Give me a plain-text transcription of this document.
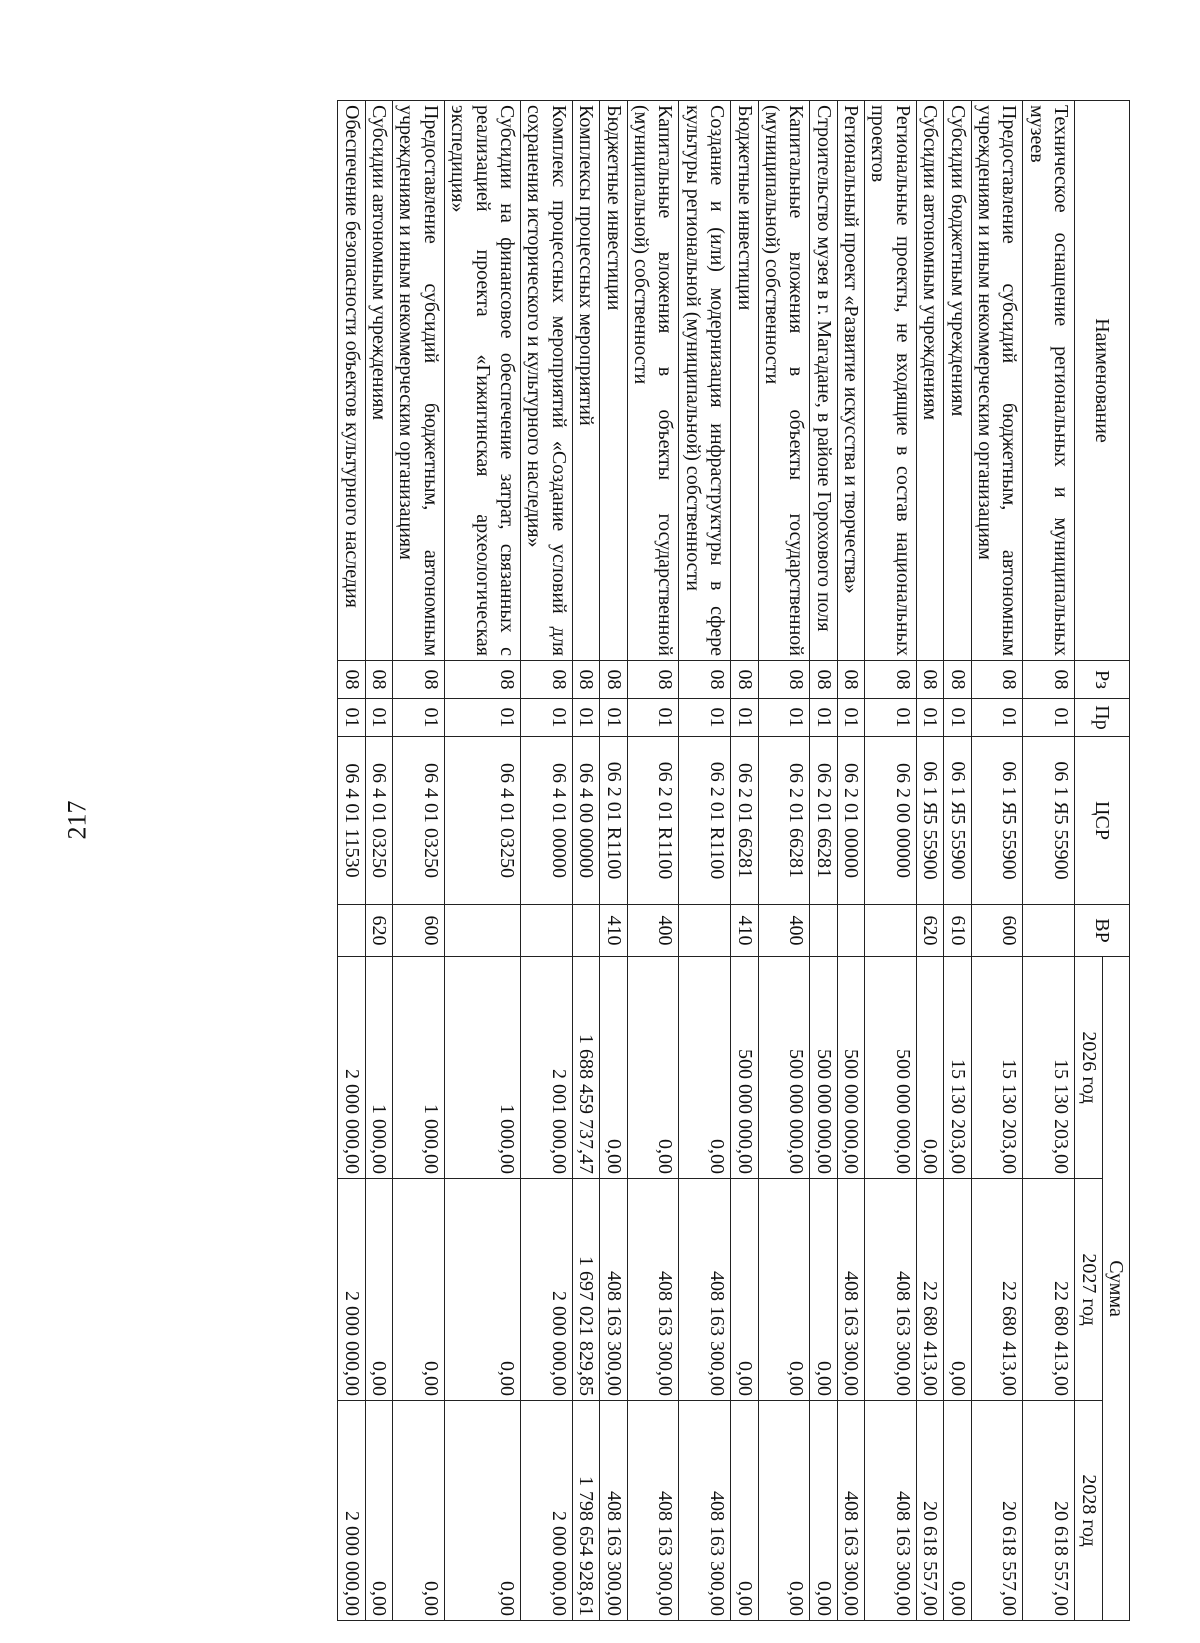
217
Наименование	Рз	Пр	ЦСР	ВР	Сумма		
					2026 год	2027 год	2028 год
Техническое оснащение региональных и муниципальных музеев	08	01	06 1 Я5 55900		15 130 203,00	22 680 413,00	20 618 557,00
Предоставление субсидий бюджетным, автономным учреждениям и иным некоммерческим организациям	08	01	06 1 Я5 55900	600	15 130 203,00	22 680 413,00	20 618 557,00
Субсидии бюджетным учреждениям	08	01	06 1 Я5 55900	610	15 130 203,00	0,00	0,00
Субсидии автономным учреждениям	08	01	06 1 Я5 55900	620	0,00	22 680 413,00	20 618 557,00
Региональные проекты, не входящие в состав национальных проектов	08	01	06 2 00 00000		500 000 000,00	408 163 300,00	408 163 300,00
Региональный проект «Развитие искусства и творчества»	08	01	06 2 01 00000		500 000 000,00	408 163 300,00	408 163 300,00
Строительство музея в г. Магадане, в районе Горохового поля	08	01	06 2 01 66281		500 000 000,00	0,00	0,00
Капитальные вложения в объекты государственной (муниципальной) собственности	08	01	06 2 01 66281	400	500 000 000,00	0,00	0,00
Бюджетные инвестиции	08	01	06 2 01 66281	410	500 000 000,00	0,00	0,00
Создание и (или) модернизация инфраструктуры в сфере культуры региональной (муниципальной) собственности	08	01	06 2 01 R1100		0,00	408 163 300,00	408 163 300,00
Капитальные вложения в объекты государственной (муниципальной) собственности	08	01	06 2 01 R1100	400	0,00	408 163 300,00	408 163 300,00
Бюджетные инвестиции	08	01	06 2 01 R1100	410	0,00	408 163 300,00	408 163 300,00
Комплексы процессных мероприятий	08	01	06 4 00 00000		1 688 459 737,47	1 697 021 829,85	1 798 654 928,61
Комплекс процессных мероприятий «Создание условий для сохранения исторического и культурного наследия»	08	01	06 4 01 00000		2 001 000,00	2 000 000,00	2 000 000,00
Субсидии на финансовое обеспечение затрат, связанных с реализацией проекта «Гижигинская археологическая экспедиция»	08	01	06 4 01 03250		1 000,00	0,00	0,00
Предоставление субсидий бюджетным, автономным учреждениям и иным некоммерческим организациям	08	01	06 4 01 03250	600	1 000,00	0,00	0,00
Субсидии автономным учреждениям	08	01	06 4 01 03250	620	1 000,00	0,00	0,00
Обеспечение безопасности объектов культурного наследия	08	01	06 4 01 11530		2 000 000,00	2 000 000,00	2 000 000,00
